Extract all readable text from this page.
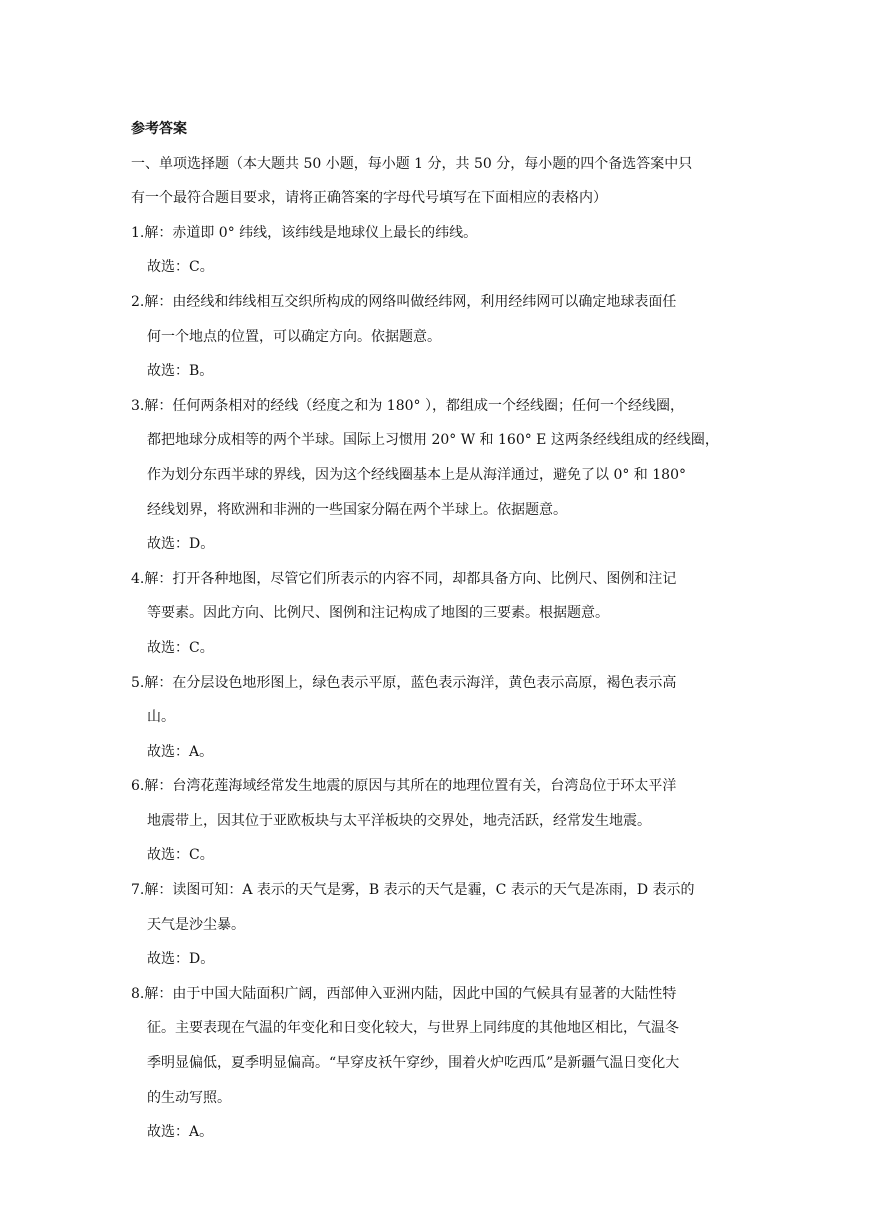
参考答案
一、单项选择题（本大题共 50 小题，每小题 1 分，共 50 分，每小题的四个备选答案中只
有一个最符合题目要求，请将正确答案的字母代号填写在下面相应的表格内）
1.解：赤道即 0° 纬线，该纬线是地球仪上最长的纬线。
故选：C。
2.解：由经线和纬线相互交织所构成的网络叫做经纬网，利用经纬网可以确定地球表面任
何一个地点的位置，可以确定方向。依据题意。
故选：B。
3.解：任何两条相对的经线（经度之和为 180° ），都组成一个经线圈；任何一个经线圈，
都把地球分成相等的两个半球。国际上习惯用 20° W 和 160° E 这两条经线组成的经线圈，
作为划分东西半球的界线，因为这个经线圈基本上是从海洋通过，避免了以 0° 和 180°
经线划界，将欧洲和非洲的一些国家分隔在两个半球上。依据题意。
故选：D。
4.解：打开各种地图，尽管它们所表示的内容不同，却都具备方向、比例尺、图例和注记
等要素。因此方向、比例尺、图例和注记构成了地图的三要素。根据题意。
故选：C。
5.解：在分层设色地形图上，绿色表示平原，蓝色表示海洋，黄色表示高原，褐色表示高
山。
故选：A。
6.解：台湾花莲海域经常发生地震的原因与其所在的地理位置有关，台湾岛位于环太平洋
地震带上，因其位于亚欧板块与太平洋板块的交界处，地壳活跃，经常发生地震。
故选：C。
7.解：读图可知：A 表示的天气是雾，B 表示的天气是霾，C 表示的天气是冻雨，D 表示的
天气是沙尘暴。
故选：D。
8.解：由于中国大陆面积广阔，西部伸入亚洲内陆，因此中国的气候具有显著的大陆性特
征。主要表现在气温的年变化和日变化较大，与世界上同纬度的其他地区相比，气温冬
季明显偏低，夏季明显偏高。“早穿皮袄午穿纱，围着火炉吃西瓜”是新疆气温日变化大
的生动写照。
故选：A。
